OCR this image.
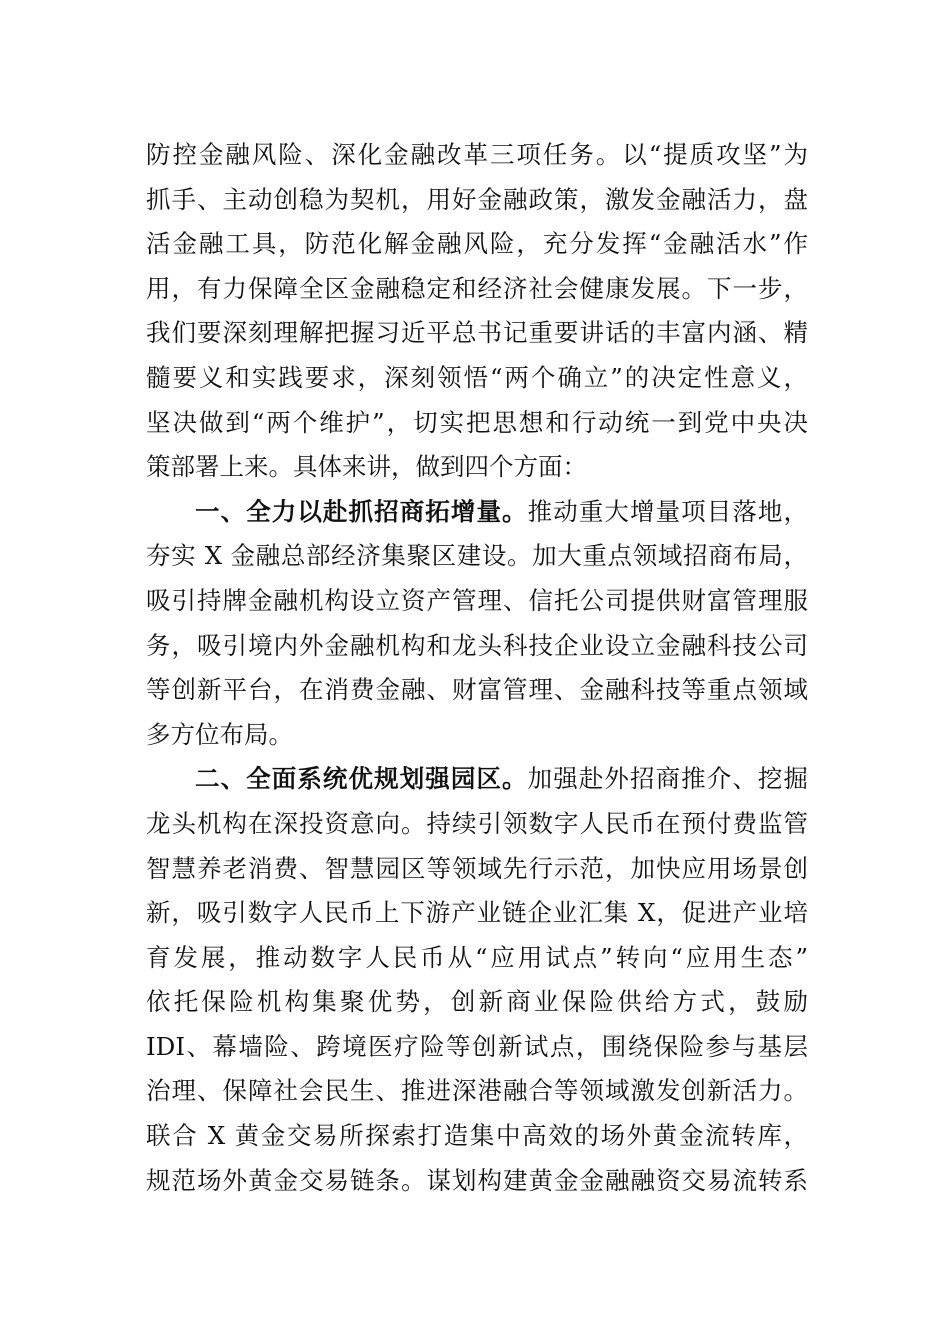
防控金融风险、深化金融改革三项任务。以“提质攻坚”为
抓手、主动创稳为契机，用好金融政策，激发金融活力，盘
活金融工具，防范化解金融风险，充分发挥“金融活水”作
用，有力保障全区金融稳定和经济社会健康发展。下一步，
我们要深刻理解把握习近平总书记重要讲话的丰富内涵、精
髓要义和实践要求，深刻领悟“两个确立”的决定性意义，
坚决做到“两个维护”，切实把思想和行动统一到党中央决
策部署上来。具体来讲，做到四个方面：
一、全力以赴抓招商拓增量。推动重大增量项目落地，
夯实 X 金融总部经济集聚区建设。加大重点领域招商布局，
吸引持牌金融机构设立资产管理、信托公司提供财富管理服
务，吸引境内外金融机构和龙头科技企业设立金融科技公司
等创新平台，在消费金融、财富管理、金融科技等重点领域
多方位布局。
二、全面系统优规划强园区。加强赴外招商推介、挖掘
龙头机构在深投资意向。持续引领数字人民币在预付费监管
智慧养老消费、智慧园区等领域先行示范，加快应用场景创
新，吸引数字人民币上下游产业链企业汇集 X，促进产业培
育发展，推动数字人民币从“应用试点”转向“应用生态”
依托保险机构集聚优势，创新商业保险供给方式，鼓励
IDI、幕墙险、跨境医疗险等创新试点，围绕保险参与基层
治理、保障社会民生、推进深港融合等领域激发创新活力。
联合 X 黄金交易所探索打造集中高效的场外黄金流转库，
规范场外黄金交易链条。谋划构建黄金金融融资交易流转系
